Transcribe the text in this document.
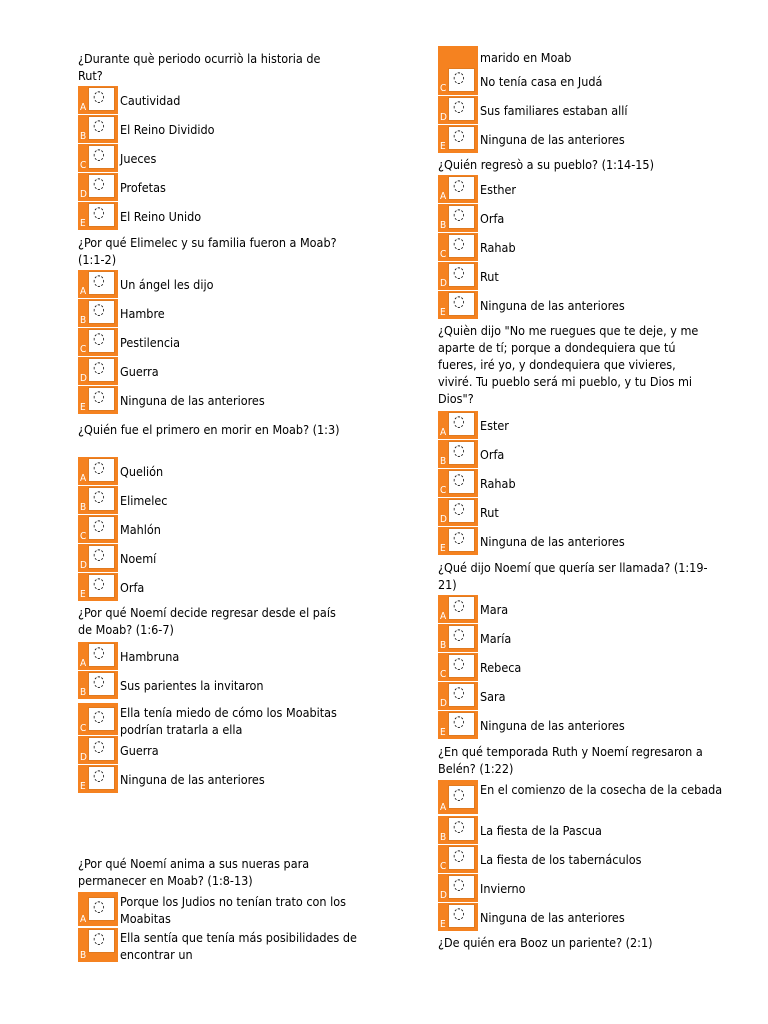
¿Durante què periodo ocurriò la historia de Rut?
A
◌ Cautividad
B
◌ El Reino Dividido
C
◌ Jueces
D
◌ Profetas
E
◌ El Reino Unido
¿Por qué Elimelec y su familia fueron a Moab? (1:1-2)
A
◌ Un ángel les dijo
B
◌ Hambre
C
◌ Pestilencia
D
◌ Guerra
E
◌ Ninguna de las anteriores
¿Quién fue el primero en morir en Moab? (1:3)
A
◌ Quelión
B
◌ Elimelec
C
◌ Mahlón
D
◌ Noemí
E
◌ Orfa
¿Por qué Noemí decide regresar desde el país de Moab? (1:6-7)
A
◌ Hambruna
B
◌ Sus parientes la invitaron
C
◌ Ella tenía miedo de cómo los Moabitas podrían tratarla a ella
D
◌ Guerra
E
◌ Ninguna de las anteriores
¿Por qué Noemí anima a sus nueras para permanecer en Moab? (1:8-13)
A
◌ Porque los Judios no tenían trato con los Moabitas
B
◌ Ella sentía que tenía más posibilidades de encontrar un
marido en Moab
C
◌ No tenía casa en Judá
D
◌ Sus familiares estaban allí
E
◌ Ninguna de las anteriores
¿Quién regresò a su pueblo? (1:14-15)
A
◌ Esther
B
◌ Orfa
C
◌ Rahab
D
◌ Rut
E
◌ Ninguna de las anteriores
¿Quièn dijo "No me ruegues que te deje, y me aparte de tí; porque a dondequiera que tú fueres, iré yo, y dondequiera que vivieres, viviré. Tu pueblo será mi pueblo, y tu Dios mi Dios"?
A
◌ Ester
B
◌ Orfa
C
◌ Rahab
D
◌ Rut
E
◌ Ninguna de las anteriores
¿Qué dijo Noemí que quería ser llamada? (1:19-21)
A
◌ Mara
B
◌ María
C
◌ Rebeca
D
◌ Sara
E
◌ Ninguna de las anteriores
¿En qué temporada Ruth y Noemí regresaron a Belén? (1:22)
A
◌ En el comienzo de la cosecha de la cebada
B
◌ La fiesta de la Pascua
C
◌ La fiesta de los tabernáculos
D
◌ Invierno
E
◌ Ninguna de las anteriores
¿De quién era Booz un pariente? (2:1)
